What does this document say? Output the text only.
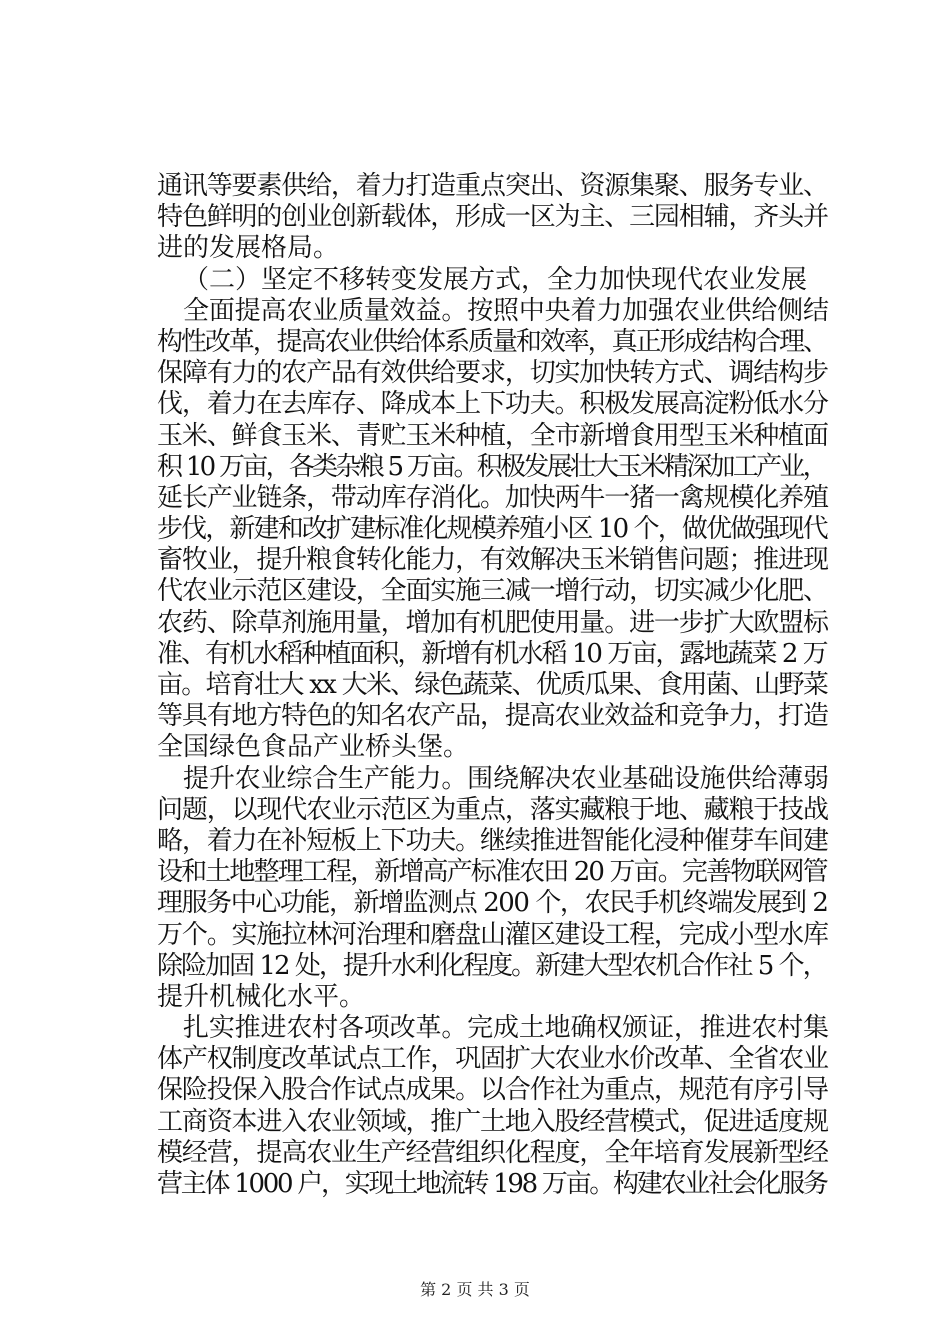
通讯等要素供给，着力打造重点突出、资源集聚、服务专业、
特色鲜明的创业创新载体，形成一区为主、三园相辅，齐头并
进的发展格局。
（二）坚定不移转变发展方式，全力加快现代农业发展
全面提高农业质量效益。按照中央着力加强农业供给侧结
构性改革，提高农业供给体系质量和效率，真正形成结构合理、
保障有力的农产品有效供给要求，切实加快转方式、调结构步
伐，着力在去库存、降成本上下功夫。积极发展高淀粉低水分
玉米、鲜食玉米、青贮玉米种植，全市新增食用型玉米种植面
积 10 万亩，各类杂粮 5 万亩。积极发展壮大玉米精深加工产业，
延长产业链条，带动库存消化。加快两牛一猪一禽规模化养殖
步伐，新建和改扩建标准化规模养殖小区 10 个，做优做强现代
畜牧业，提升粮食转化能力，有效解决玉米销售问题；推进现
代农业示范区建设，全面实施三减一增行动，切实减少化肥、
农药、除草剂施用量，增加有机肥使用量。进一步扩大欧盟标
准、有机水稻种植面积，新增有机水稻 10 万亩，露地蔬菜 2 万
亩。培育壮大 xx 大米、绿色蔬菜、优质瓜果、食用菌、山野菜
等具有地方特色的知名农产品，提高农业效益和竞争力，打造
全国绿色食品产业桥头堡。
提升农业综合生产能力。围绕解决农业基础设施供给薄弱
问题，以现代农业示范区为重点，落实藏粮于地、藏粮于技战
略，着力在补短板上下功夫。继续推进智能化浸种催芽车间建
设和土地整理工程，新增高产标准农田 20 万亩。完善物联网管
理服务中心功能，新增监测点 200 个，农民手机终端发展到 2
万个。实施拉林河治理和磨盘山灌区建设工程，完成小型水库
除险加固 12 处，提升水利化程度。新建大型农机合作社 5 个，
提升机械化水平。
扎实推进农村各项改革。完成土地确权颁证，推进农村集
体产权制度改革试点工作，巩固扩大农业水价改革、全省农业
保险投保入股合作试点成果。以合作社为重点，规范有序引导
工商资本进入农业领域，推广土地入股经营模式，促进适度规
模经营，提高农业生产经营组织化程度，全年培育发展新型经
营主体 1000 户，实现土地流转 198 万亩。构建农业社会化服务
第 2 页 共 3 页
